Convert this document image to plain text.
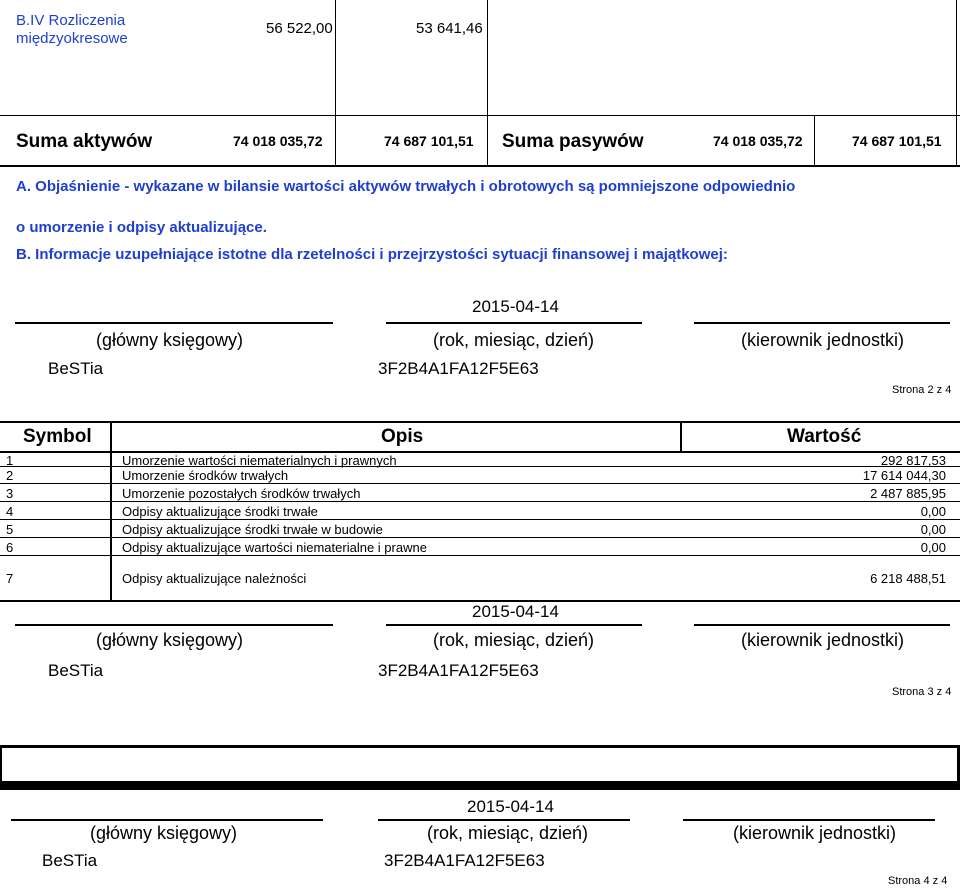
B.IV Rozliczenia
międzyokresowe
56 522,00	53 641,46
Suma aktywów	74 018 035,72	74 687 101,51 Suma pasywów	74 018 035,72	74 687 101,51
A. Objaśnienie - wykazane w bilansie wartości aktywów trwałych i obrotowych są pomniejszone odpowiednio
o umorzenie i odpisy aktualizujące.
B. Informacje uzupełniające istotne dla rzetelności i przejrzystości sytuacji finansowej i majątkowej:
2015-04-14
(główny księgowy)	(rok, miesiąc, dzień)	(kierownik jednostki)
BeSTia	3F2B4A1FA12F5E63
Strona 2 z 4
Symbol	Opis	Wartość
1	Umorzenie wartości niematerialnych i prawnych	292 817,53
2	Umorzenie środków trwałych	17 614 044,30
3	Umorzenie pozostałych środków trwałych	2 487 885,95
4	Odpisy aktualizujące środki trwałe	0,00
5	Odpisy aktualizujące środki trwałe w budowie	0,00
6	Odpisy aktualizujące wartości niematerialne i prawne	0,00
7	Odpisy aktualizujące należności	6 218 488,51
2015-04-14
(główny księgowy)	(rok, miesiąc, dzień)	(kierownik jednostki)
BeSTia	3F2B4A1FA12F5E63
Strona 3 z 4
2015-04-14
(główny księgowy)	(rok, miesiąc, dzień)	(kierownik jednostki)
BeSTia	3F2B4A1FA12F5E63
Strona 4 z 4
